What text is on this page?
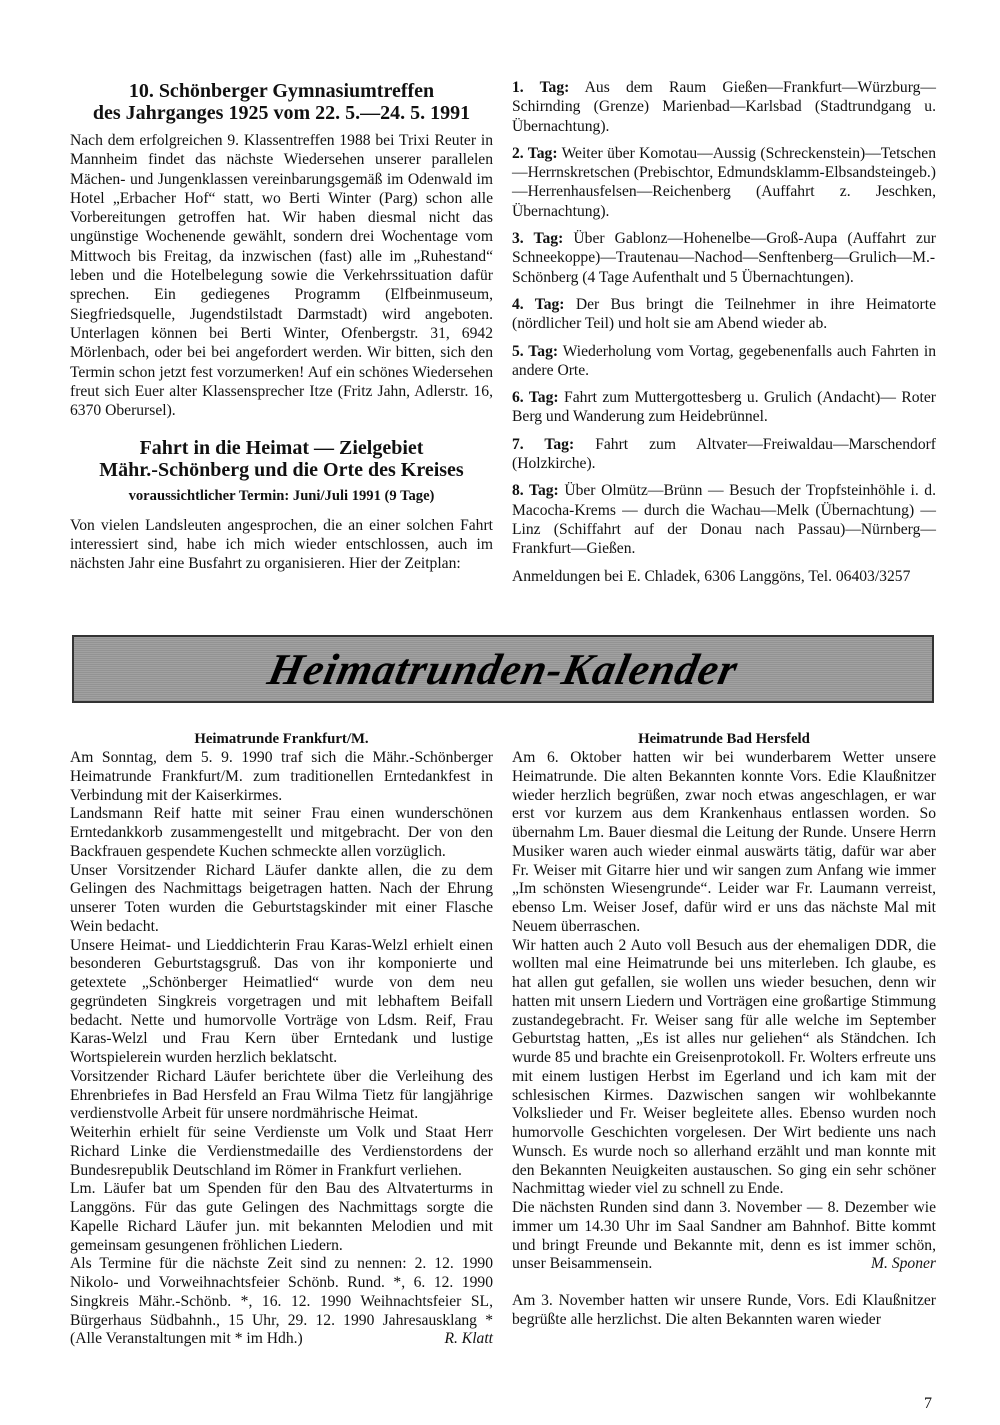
10. Schönberger Gymnasiumtreffen
des Jahrganges 1925 vom 22. 5.—24. 5. 1991

Nach dem erfolgreichen 9. Klassentreffen 1988 bei Trixi Reuter in Mannheim findet das nächste Wiedersehen unserer parallelen Mächen- und Jungenklassen vereinbarungsgemäß im Odenwald im Hotel „Erbacher Hof“ statt, wo Berti Winter (Parg) schon alle Vorbereitungen getroffen hat. Wir haben diesmal nicht das ungünstige Wochenende gewählt, sondern drei Wochentage vom Mittwoch bis Freitag, da inzwischen (fast) alle im „Ruhestand“ leben und die Hotelbelegung sowie die Verkehrssituation dafür sprechen. Ein gediegenes Programm (Elfbeinmuseum, Siegfriedsquelle, Jugendstilstadt Darmstadt) wird angeboten. Unterlagen können bei Berti Winter, Ofenbergstr. 31, 6942 Mörlenbach, oder bei bei angefordert werden. Wir bitten, sich den Termin schon jetzt fest vorzumerken! Auf ein schönes Wiedersehen freut sich Euer alter Klassensprecher Itze (Fritz Jahn, Adlerstr. 16, 6370 Oberursel).

Fahrt in die Heimat — Zielgebiet
Mähr.-Schönberg und die Orte des Kreises
voraussichtlicher Termin: Juni/Juli 1991 (9 Tage)

Von vielen Landsleuten angesprochen, die an einer solchen Fahrt interessiert sind, habe ich mich wieder entschlossen, auch im nächsten Jahr eine Busfahrt zu organisieren. Hier der Zeitplan:

1. Tag: Aus dem Raum Gießen—Frankfurt—Würzburg—Schirnding (Grenze) Marienbad—Karlsbad (Stadtrundgang u. Übernachtung).

2. Tag: Weiter über Komotau—Aussig (Schreckenstein)—Tetschen—Herrnskretschen (Prebischtor, Edmundsklamm-Elbsandsteingeb.)—Herrenhausfelsen—Reichenberg (Auffahrt z. Jeschken, Übernachtung).

3. Tag: Über Gablonz—Hohenelbe—Groß-Aupa (Auffahrt zur Schneekoppe)—Trautenau—Nachod—Senftenberg—Grulich—M.-Schönberg (4 Tage Aufenthalt und 5 Übernachtungen).

4. Tag: Der Bus bringt die Teilnehmer in ihre Heimatorte (nördlicher Teil) und holt sie am Abend wieder ab.

5. Tag: Wiederholung vom Vortag, gegebenenfalls auch Fahrten in andere Orte.

6. Tag: Fahrt zum Muttergottesberg u. Grulich (Andacht)— Roter Berg und Wanderung zum Heidebrünnel.

7. Tag: Fahrt zum Altvater—Freiwaldau—Marschendorf (Holzkirche).

8. Tag: Über Olmütz—Brünn — Besuch der Tropfsteinhöhle i. d. Macocha-Krems — durch die Wachau—Melk (Übernachtung) — Linz (Schiffahrt auf der Donau nach Passau)—Nürnberg—Frankfurt—Gießen.

Anmeldungen bei E. Chladek, 6306 Langgöns, Tel. 06403/3257

Heimatrunden-Kalender
Heimatrunde Frankfurt/M.

Am Sonntag, dem 5. 9. 1990 traf sich die Mähr.-Schönberger Heimatrunde Frankfurt/M. zum traditionellen Erntedankfest in Verbindung mit der Kaiserkirmes.

Landsmann Reif hatte mit seiner Frau einen wunderschönen Erntedankkorb zusammengestellt und mitgebracht. Der von den Backfrauen gespendete Kuchen schmeckte allen vorzüglich.

Unser Vorsitzender Richard Läufer dankte allen, die zu dem Gelingen des Nachmittags beigetragen hatten. Nach der Ehrung unserer Toten wurden die Geburtstagskinder mit einer Flasche Wein bedacht.

Unsere Heimat- und Lieddichterin Frau Karas-Welzl erhielt einen besonderen Geburtstagsgruß. Das von ihr komponierte und getextete „Schönberger Heimatlied“ wurde von dem neu gegründeten Singkreis vorgetragen und mit lebhaftem Beifall bedacht. Nette und humorvolle Vorträge von Ldsm. Reif, Frau Karas-Welzl und Frau Kern über Erntedank und lustige Wortspielerein wurden herzlich beklatscht.

Vorsitzender Richard Läufer berichtete über die Verleihung des Ehrenbriefes in Bad Hersfeld an Frau Wilma Tietz für langjährige verdienstvolle Arbeit für unsere nordmährische Heimat.

Weiterhin erhielt für seine Verdienste um Volk und Staat Herr Richard Linke die Verdienstmedaille des Verdienstordens der Bundesrepublik Deutschland im Römer in Frankfurt verliehen.

Lm. Läufer bat um Spenden für den Bau des Altvaterturms in Langgöns. Für das gute Gelingen des Nachmittags sorgte die Kapelle Richard Läufer jun. mit bekannten Melodien und mit gemeinsam gesungenen fröhlichen Liedern.

Als Termine für die nächste Zeit sind zu nennen: 2. 12. 1990 Nikolo- und Vorweihnachtsfeier Schönb. Rund. *, 6. 12. 1990 Singkreis Mähr.-Schönb. *, 16. 12. 1990 Weihnachtsfeier SL, Bürgerhaus Südbahnh., 15 Uhr, 29. 12. 1990 Jahresausklang * (Alle Veranstaltungen mit * im Hdh.)	R. Klatt

Heimatrunde Bad Hersfeld

Am 6. Oktober hatten wir bei wunderbarem Wetter unsere Heimatrunde. Die alten Bekannten konnte Vors. Edie Klaußnitzer wieder herzlich begrüßen, zwar noch etwas angeschlagen, er war erst vor kurzem aus dem Krankenhaus entlassen worden. So übernahm Lm. Bauer diesmal die Leitung der Runde. Unsere Herrn Musiker waren auch wieder einmal auswärts tätig, dafür war aber Fr. Weiser mit Gitarre hier und wir sangen zum Anfang wie immer „Im schönsten Wiesengrunde“. Leider war Fr. Laumann verreist, ebenso Lm. Weiser Josef, dafür wird er uns das nächste Mal mit Neuem überraschen.

Wir hatten auch 2 Auto voll Besuch aus der ehemaligen DDR, die wollten mal eine Heimatrunde bei uns miterleben. Ich glaube, es hat allen gut gefallen, sie wollen uns wieder besuchen, denn wir hatten mit unsern Liedern und Vorträgen eine großartige Stimmung zustandegebracht. Fr. Weiser sang für alle welche im September Geburtstag hatten, „Es ist alles nur geliehen“ als Ständchen. Ich wurde 85 und brachte ein Greisenprotokoll. Fr. Wolters erfreute uns mit einem lustigen Herbst im Egerland und ich kam mit der schlesischen Kirmes. Dazwischen sangen wir wohlbekannte Volkslieder und Fr. Weiser begleitete alles. Ebenso wurden noch humorvolle Geschichten vorgelesen. Der Wirt bediente uns nach Wunsch. Es wurde noch so allerhand erzählt und man konnte mit den Bekannten Neuigkeiten austauschen. So ging ein sehr schöner Nachmittag wieder viel zu schnell zu Ende.

Die nächsten Runden sind dann 3. November — 8. Dezember wie immer um 14.30 Uhr im Saal Sandner am Bahnhof. Bitte kommt und bringt Freunde und Bekannte mit, denn es ist immer schön, unser Beisammensein.	M. Sponer

Am 3. November hatten wir unsere Runde, Vors. Edi Klaußnitzer begrüßte alle herzlichst. Die alten Bekannten waren wieder

7
